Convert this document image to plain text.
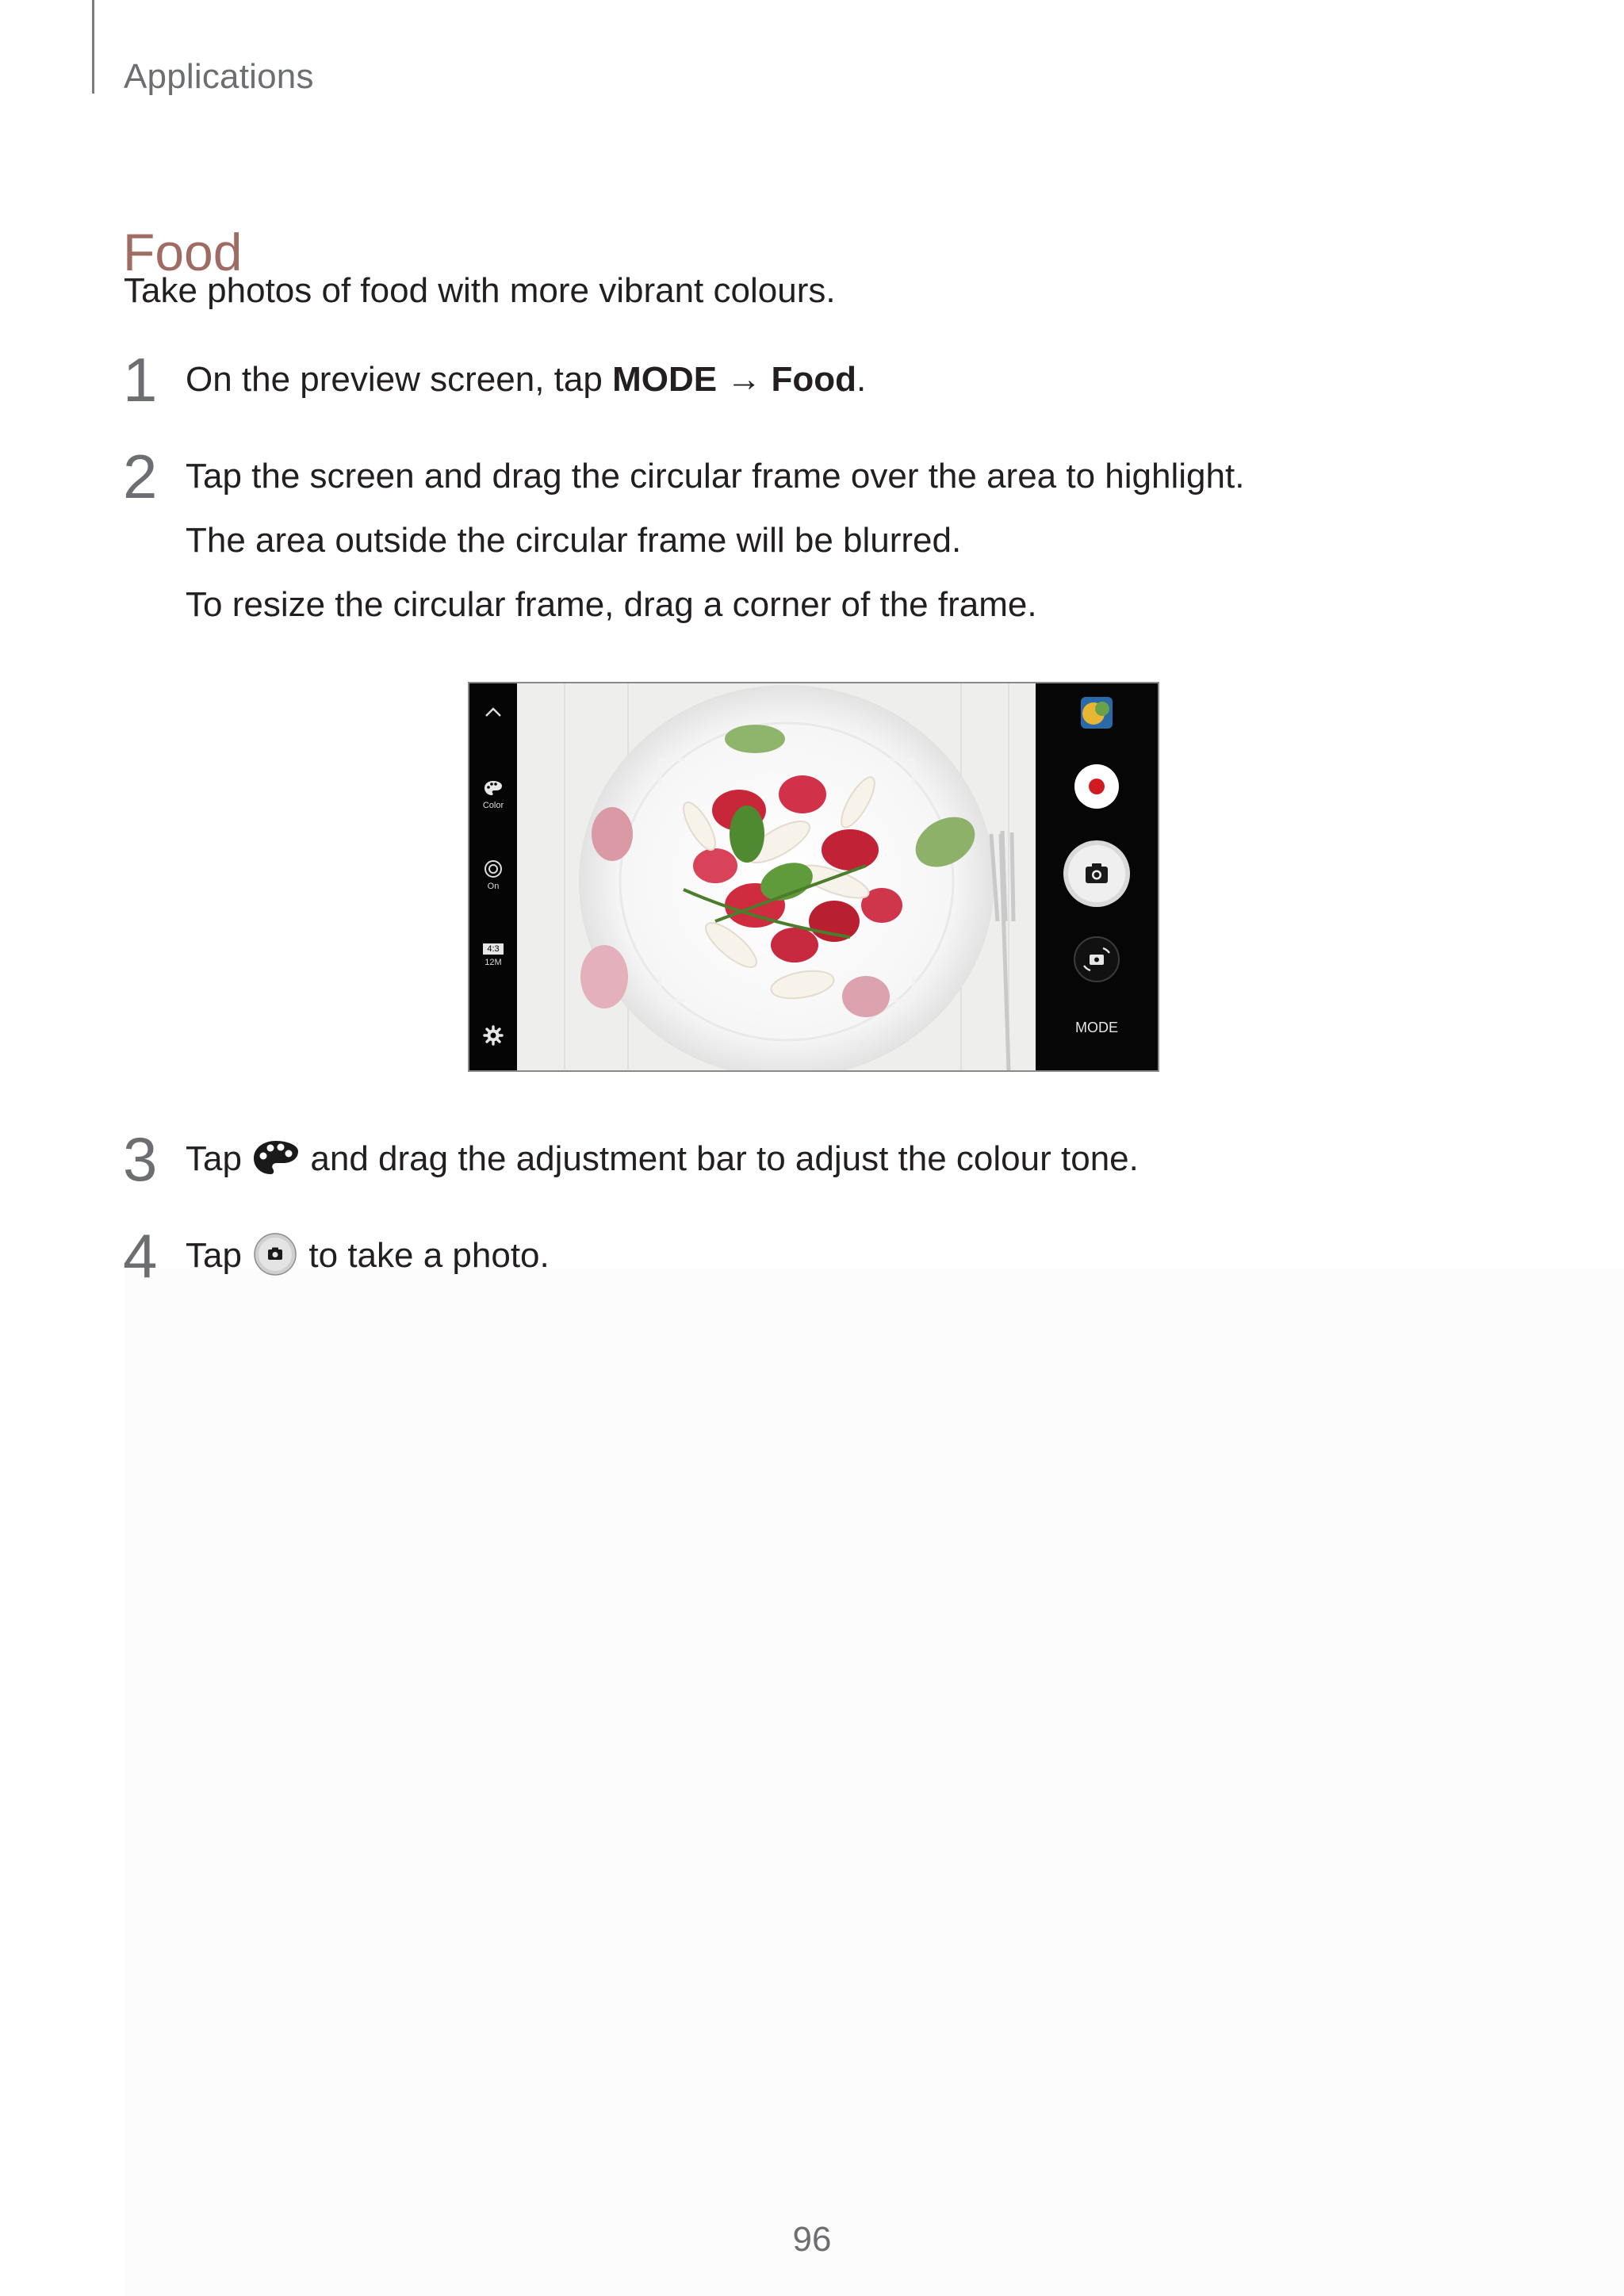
Applications
Food
Take photos of food with more vibrant colours.
1 On the preview screen, tap MODE → Food.
2 Tap the screen and drag the circular frame over the area to highlight.
The area outside the circular frame will be blurred.
To resize the circular frame, drag a corner of the frame.
Color
On
4:3
12M
MODE
3 Tap  and drag the adjustment bar to adjust the colour tone.
4 Tap  to take a photo.
96
